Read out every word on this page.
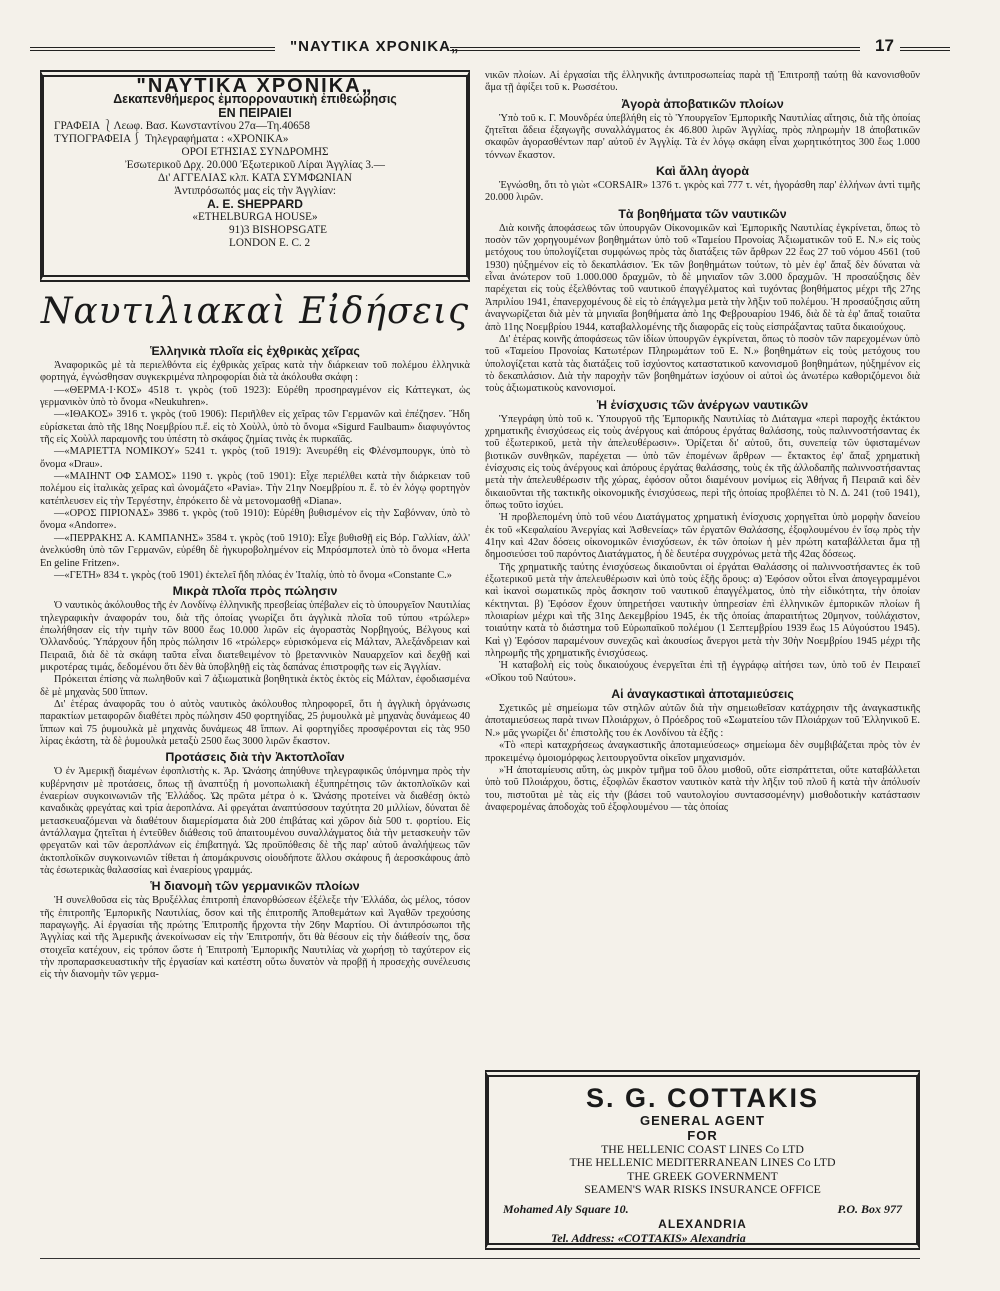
"ΝΑΥΤΙΚΑ ΧΡΟΝΙΚΑ„	17
"ΝΑΥΤΙΚΑ ΧΡΟΝΙΚΑ„
Δεκαπενθήμερος ἐμπορροναυτικὴ ἐπιθεώρησις
ΕΝ ΠΕΙΡΑΙΕΙ
ΓΡΑΦΕΙΑ ⎱Λεωφ. Βασ. Κωνσταντίνου 27α—Τη.40658
ΤΥΠΟΓΡΑΦΕΙΑ⎰ Τηλεγραφήματα : «ΧΡΟΝΙΚΑ»
ΟΡΟΙ ΕΤΗΣΙΑΣ ΣΥΝΔΡΟΜΗΣ
Ἐσωτερικοῦ Δρχ. 20.000 Ἐξωτερικοῦ Λίραι Ἀγγλίας 3.—
Δι' ΑΓΓΕΛΙΑΣ κλπ. ΚΑΤΑ ΣΥΜΦΩΝΙΑΝ
Ἀντιπρόσωπός μας εἰς τὴν Ἀγγλίαν:
A. E. SHEPPARD
«ETHELBURGA HOUSE»
91)3 BISHOPSGATE
LONDON E. C. 2
Ναυτιλιακαὶ Εἰδήσεις
Ἑλληνικὰ πλοῖα εἰς ἐχθρικὰς χεῖρας

Ἀναφορικῶς μὲ τὰ περιελθόντα εἰς ἐχθρικὰς χεῖρας κατὰ τὴν διάρκειαν τοῦ πολέμου ἑλληνικὰ φορτηγά, ἐγνώσθησαν συγκεκριμένα πληροφορίαι διὰ τὰ ἀκόλουθα σκάφη :

—«ΘΕΡΜΑ·Ι·ΚΟΣ» 4518 τ. γκρὸς (τοῦ 1923): Εὑρέθη προσηραγμένον εἰς Κάττεγκατ, ὡς γερμανικὸν ὑπὸ τὸ ὄνομα «Neukuhren».

—«ΙΘΑΚΟΣ» 3916 τ. γκρὸς (τοῦ 1906): Περιῆλθεν εἰς χεῖρας τῶν Γερμανῶν καὶ ἐπέζησεν. Ἤδη εὑρίσκεται ἀπὸ τῆς 18ης Νοεμβρίου π.ἔ. εἰς τὸ Χοὺλλ, ὑπὸ τὸ ὄνομα «Sigurd Faulbaum» διαφυγόντος τῆς εἰς Χοὺλλ παραμονῆς του ὑπέστη τὸ σκάφος ζημίας τινὰς ἐκ πυρκαϊᾶς.

—«ΜΑΡΙΕΤΤΑ ΝΟΜΙΚΟΥ» 5241 τ. γκρὸς (τοῦ 1919): Ἀνευρέθη εἰς Φλένσμπουργκ, ὑπὸ τὸ ὄνομα «Drau».

—«ΜΑΙΗΝΤ ΟΦ ΣΑΜΟΣ» 1190 τ. γκρὸς (τοῦ 1901): Εἶχε περιέλθει κατὰ τὴν διάρκειαν τοῦ πολέμου εἰς ἰταλικὰς χεῖρας καὶ ὠνομάζετο «Pavia». Τὴν 21ην Νοεμβρίου π. ἔ. τὸ ἐν λόγῳ φορτηγὸν κατέπλευσεν εἰς τὴν Τεργέστην, ἐπρόκειτο δὲ νὰ μετονομασθῇ «Diana».

—«ΟΡΟΣ ΠΙΡΙΟΝΑΣ» 3986 τ. γκρὸς (τοῦ 1910): Εὑρέθη βυθισμένον εἰς τὴν Σαβόνναν, ὑπὸ τὸ ὄνομα «Andorre».

—«ΠΕΡΡΑΚΗΣ Α. ΚΑΜΠΑΝΗΣ» 3584 τ. γκρὸς (τοῦ 1910): Εἶχε βυθισθῇ εἰς Βόρ. Γαλλίαν, ἀλλ' ἀνελκύσθη ὑπὸ τῶν Γερμανῶν, εὑρέθη δὲ ἠγκυροβολημένον εἰς Μπρόσμποτελ ὑπὸ τὸ ὄνομα «Herta En geline Fritzen».

—«ΓΕΤΗ» 834 τ. γκρὸς (τοῦ 1901) ἐκτελεῖ ἤδη πλόας ἐν Ἰταλίᾳ, ὑπὸ τὸ ὄνομα «Constante C.»

Μικρὰ πλοῖα πρὸς πώλησιν

Ὁ ναυτικὸς ἀκόλουθος τῆς ἐν Λονδίνῳ ἑλληνικῆς πρεσβείας ὑπέβαλεν εἰς τὸ ὑπουργεῖον Ναυτιλίας τηλεγραφικὴν ἀναφοράν του, διὰ τῆς ὁποίας γνωρίζει ὅτι ἀγγλικὰ πλοῖα τοῦ τύπου «τρώλερ» ἐπωλήθησαν εἰς τὴν τιμὴν τῶν 8000 ἕως 10.000 λιρῶν εἰς ἀγοραστὰς Νορβηγούς, Βέλγους καὶ Ὁλλανδούς. Ὑπάρχουν ἤδη πρὸς πώλησιν 16 «τρώλερς» εὑρισκόμενα εἰς Μάλταν, Ἀλεξάνδρειαν καὶ Πειραιᾶ, διὰ δὲ τὰ σκάφη ταῦτα εἶναι διατεθειμένον τὸ βρεταννικὸν Ναυαρχεῖον καὶ δεχθῇ καὶ μικροτέρας τιμάς, δεδομένου ὅτι δὲν θὰ ὑποβληθῇ εἰς τὰς δαπάνας ἐπιστροφῆς των εἰς Ἀγγλίαν.

Πρόκειται ἐπίσης νὰ πωληθοῦν καὶ 7 ἀξιωματικὰ βοηθητικὰ ἐκτὸς ἐκτὸς εἰς Μάλταν, ἐφοδιασμένα δὲ μὲ μηχανὰς 500 ἵππων.

Δι' ἑτέρας ἀναφορᾶς του ὁ αὐτὸς ναυτικὸς ἀκόλουθος πληροφορεῖ, ὅτι ἡ ἀγγλικὴ ὀργάνωσις παρακτίων μεταφορῶν διαθέτει πρὸς πώλησιν 450 φορτηγίδας, 25 ῥυμουλκὰ μὲ μηχανὰς δυνάμεως 40 ἵππων καὶ 75 ῥυμουλκὰ μὲ μηχανὰς δυνάμεως 48 ἵππων. Αἱ φορτηγίδες προσφέρονται εἰς τὰς 950 λίρας ἑκάστη, τὰ δὲ ῥυμουλκὰ μεταξὺ 2500 ἕως 3000 λιρῶν ἕκαστον.

Προτάσεις διὰ τὴν Ἀκτοπλοΐαν

Ὁ ἐν Ἀμερικῇ διαμένων ἐφοπλιστὴς κ. Ἀρ. Ὠνάσης ἀπηύθυνε τηλεγραφικῶς ὑπόμνημα πρὸς τὴν κυβέρνησιν μὲ προτάσεις, ὅπως τῇ ἀναπτύξῃ ἡ μονοπωλιακὴ ἐξυπηρέτησις τῶν ἀκτοπλοϊκῶν καὶ ἐναερίων συγκοινωνιῶν τῆς Ἑλλάδος. Ὡς πρῶτα μέτρα ὁ κ. Ὠνάσης προτείνει νὰ διαθέσῃ ὀκτὼ καναδικὰς φρεγάτας καὶ τρία ἀεροπλάνα. Αἱ φρεγάται ἀναπτύσσουν ταχύτητα 20 μιλλίων, δύναται δὲ μετασκευαζόμεναι νὰ διαθέτουν διαμερίσματα διὰ 200 ἐπιβάτας καὶ χῶρον διὰ 500 τ. φορτίου. Εἰς ἀντάλλαγμα ζητεῖται ἡ ἐντεῦθεν διάθεσις τοῦ ἀπαιτουμένου συναλλάγματος διὰ τὴν μετασκευὴν τῶν φρεγατῶν καὶ τῶν ἀεροπλάνων εἰς ἐπιβατηγά. Ὡς προϋπόθεσις δὲ τῆς παρ' αὐτοῦ ἀναλήψεως τῶν ἀκτοπλοϊκῶν συγκοινωνιῶν τίθεται ἡ ἀπομάκρυνσις οἱουδήποτε ἄλλου σκάφους ἢ ἀεροσκάφους ἀπὸ τὰς ἐσωτερικὰς θαλασσίας καὶ ἐναερίους γραμμάς.

Ἡ διανομὴ τῶν γερμανικῶν πλοίων

Ἡ συνελθοῦσα εἰς τὰς Βρυξέλλας ἐπιτροπὴ ἐπανορθώσεων ἐξέλεξε τὴν Ἑλλάδα, ὡς μέλος, τόσον τῆς ἐπιτροπῆς Ἐμπορικῆς Ναυτιλίας, ὅσον καὶ τῆς ἐπιτροπῆς Ἀποθεμάτων καὶ Ἀγαθῶν τρεχούσης παραγωγῆς. Αἱ ἐργασίαι τῆς πρώτης Ἐπιτροπῆς ἤρχοντα τὴν 26ην Μαρτίου. Οἱ ἀντιπρόσωποι τῆς Ἀγγλίας καὶ τῆς Ἀμερικῆς ἀνεκοίνωσαν εἰς τὴν Ἐπιτροπήν, ὅτι θὰ θέσουν εἰς τὴν διάθεσίν της, ὅσα στοιχεῖα κατέχουν, εἰς τρόπον ὥστε ἡ Ἐπιτροπὴ Ἐμπορικῆς Ναυτιλίας νὰ χωρήσῃ τὸ ταχύτερον εἰς τὴν προπαρασκευαστικὴν τῆς ἐργασίαν καὶ κατέστη οὕτω δυνατὸν νὰ προβῇ ἡ προσεχὴς συνέλευσις εἰς τὴν διανομὴν τῶν γερμα-

νικῶν πλοίων. Αἱ ἐργασίαι τῆς ἑλληνικῆς ἀντιπροσωπείας παρὰ τῇ Ἐπιτροπῇ ταύτῃ θὰ κανονισθοῦν ἅμα τῇ ἀφίξει τοῦ κ. Ρωσσέτου.

Ἀγορὰ ἀποβατικῶν πλοίων

Ὑπὸ τοῦ κ. Γ. Μουνδρέα ὑπεβλήθη εἰς τὸ Ὑπουργεῖον Ἐμπορικῆς Ναυτιλίας αἴτησις, διὰ τῆς ὁποίας ζητεῖται ἄδεια ἐξαγωγῆς συναλλάγματος ἐκ 46.800 λιρῶν Ἀγγλίας, πρὸς πληρωμὴν 18 ἀποβατικῶν σκαφῶν ἀγορασθέντων παρ' αὐτοῦ ἐν Ἀγγλίᾳ. Τὰ ἐν λόγῳ σκάφη εἶναι χωρητικότητος 300 ἕως 1.000 τόννων ἕκαστον.

Καὶ ἄλλη ἀγορὰ

Ἐγνώσθη, ὅτι τὸ γιὼτ «CORSAIR» 1376 τ. γκρὸς καὶ 777 τ. νέτ, ἠγοράσθη παρ' ἑλλήνων ἀντὶ τιμῆς 20.000 λιρῶν.

Τὰ βοηθήματα τῶν ναυτικῶν

Διὰ κοινῆς ἀποφάσεως τῶν ὑπουργῶν Οἰκονομικῶν καὶ Ἐμπορικῆς Ναυτιλίας ἐγκρίνεται, ὅπως τὸ ποσὸν τῶν χορηγουμένων βοηθημάτων ὑπὸ τοῦ «Ταμείου Προνοίας Ἀξιωματικῶν τοῦ Ε. Ν.» εἰς τοὺς μετόχους του ὑπολογίζεται συμφώνως πρὸς τὰς διατάξεις τῶν ἄρθρων 22 ἕως 27 τοῦ νόμου 4561 (τοῦ 1930) ηὐξημένον εἰς τὸ δεκαπλάσιον. Ἐκ τῶν βοηθημάτων τούτων, τὸ μὲν ἐφ' ἅπαξ δὲν δύναται νὰ εἶναι ἀνώτερον τοῦ 1.000.000 δραχμῶν, τὸ δὲ μηνιαῖον τῶν 3.000 δραχμῶν. Ἡ προσαύξησις δὲν παρέχεται εἰς τοὺς ἐξελθόντας τοῦ ναυτικοῦ ἐπαγγέλματος καὶ τυχόντας βοηθήματος μέχρι τῆς 27ης Ἀπριλίου 1941, ἐπανερχομένους δὲ εἰς τὸ ἐπάγγελμα μετὰ τὴν λῆξιν τοῦ πολέμου. Ἡ προσαύξησις αὕτη ἀναγνωρίζεται διὰ μὲν τὰ μηνιαῖα βοηθήματα ἀπὸ 1ης Φεβρουαρίου 1946, διὰ δὲ τὰ ἐφ' ἅπαξ τοιαῦτα ἀπὸ 11ης Νοεμβρίου 1944, καταβαλλομένης τῆς διαφορᾶς εἰς τοὺς εἰσπράξαντας ταῦτα δικαιούχους.

Δι' ἑτέρας κοινῆς ἀποφάσεως τῶν ἰδίων ὑπουργῶν ἐγκρίνεται, ὅπως τὸ ποσὸν τῶν παρεχομένων ὑπὸ τοῦ «Ταμείου Προνοίας Κατωτέρων Πληρωμάτων τοῦ Ε. Ν.» βοηθημάτων εἰς τοὺς μετόχους του ὑπολογίζεται κατὰ τὰς διατάξεις τοῦ ἰσχύοντος καταστατικοῦ κανονισμοῦ βοηθημάτων, ηὐξημένον εἰς τὸ δεκαπλάσιον. Διὰ τὴν παροχὴν τῶν βοηθημάτων ἰσχύουν οἱ αὐτοὶ ὡς ἀνωτέρω καθοριζόμενοι διὰ τοὺς ἀξιωματικοὺς κανονισμοί.

Ἡ ἐνίσχυσις τῶν ἀνέργων ναυτικῶν

Ὑπεγράφη ὑπὸ τοῦ κ. Ὑπουργοῦ τῆς Ἐμπορικῆς Ναυτιλίας τὸ Διάταγμα «περὶ παροχῆς ἐκτάκτου χρηματικῆς ἐνισχύσεως εἰς τοὺς ἀνέργους καὶ ἀπόρους ἐργάτας θαλάσσης, τοὺς παλιννοστήσαντας ἐκ τοῦ ἐξωτερικοῦ, μετὰ τὴν ἀπελευθέρωσιν». Ὁρίζεται δι' αὐτοῦ, ὅτι, συνεπείᾳ τῶν ὑφισταμένων βιοτικῶν συνθηκῶν, παρέχεται — ὑπὸ τῶν ἑπομένων ἄρθρων — ἔκτακτος ἐφ' ἅπαξ χρηματικὴ ἐνίσχυσις εἰς τοὺς ἀνέργους καὶ ἀπόρους ἐργάτας θαλάσσης, τοὺς ἐκ τῆς ἀλλοδαπῆς παλιννοστήσαντας μετὰ τὴν ἀπελευθέρωσιν τῆς χώρας, ἐφόσον οὗτοι διαμένουν μονίμως εἰς Ἀθήνας ἢ Πειραιᾶ καὶ δὲν δικαιοῦνται τῆς τακτικῆς οἰκονομικῆς ἐνισχύσεως, περὶ τῆς ὁποίας προβλέπει τὸ Ν. Δ. 241 (τοῦ 1941), ὅπως τοῦτο ἰσχύει.

Ἡ προβλεπομένη ὑπὸ τοῦ νέου Διατάγματος χρηματικὴ ἐνίσχυσις χορηγεῖται ὑπὸ μορφὴν δανείου ἐκ τοῦ «Κεφαλαίου Ἀνεργίας καὶ Ἀσθενείας» τῶν ἐργατῶν Θαλάσσης, ἐξοφλουμένου ἐν ἴσῳ πρὸς τὴν 41ην καὶ 42αν δόσεις οἰκονομικῶν ἐνισχύσεων, ἐκ τῶν ὁποίων ἡ μὲν πρώτη καταβάλλεται ἅμα τῇ δημοσιεύσει τοῦ παρόντος Διατάγματος, ἡ δὲ δευτέρα συγχρόνως μετὰ τῆς 42ας δόσεως.

Τῆς χρηματικῆς ταύτης ἐνισχύσεως δικαιοῦνται οἱ ἐργάται Θαλάσσης οἱ παλιννοστήσαντες ἐκ τοῦ ἐξωτερικοῦ μετὰ τὴν ἀπελευθέρωσιν καὶ ὑπὸ τοὺς ἑξῆς ὅρους: α) Ἐφόσον οὗτοι εἶναι ἀπογεγραμμένοι καὶ ἱκανοὶ σωματικῶς πρὸς ἄσκησιν τοῦ ναυτικοῦ ἐπαγγέλματος, ὑπὸ τὴν εἰδικότητα, τὴν ὁποίαν κέκτηνται. β) Ἐφόσον ἔχουν ὑπηρετήσει ναυτικὴν ὑπηρεσίαν ἐπὶ ἑλληνικῶν ἐμπορικῶν πλοίων ἢ πλοιαρίων μέχρι καὶ τῆς 31ης Δεκεμβρίου 1945, ἐκ τῆς ὁποίας ἀπαραιτήτως 20μηνον, τοὐλάχιστον, τοιαύτην κατὰ τὸ διάστημα τοῦ Εὐρωπαϊκοῦ πολέμου (1 Σεπτεμβρίου 1939 ἕως 15 Αὐγούστου 1945). Καὶ γ) Ἐφόσον παραμένουν συνεχῶς καὶ ἀκουσίως ἄνεργοι μετὰ τὴν 30ὴν Νοεμβρίου 1945 μέχρι τῆς πληρωμῆς τῆς χρηματικῆς ἐνισχύσεως.

Ἡ καταβολὴ εἰς τοὺς δικαιούχους ἐνεργεῖται ἐπὶ τῇ ἐγγράφῳ αἰτήσει των, ὑπὸ τοῦ ἐν Πειραιεῖ «Οἴκου τοῦ Ναύτου».

Αἱ ἀναγκαστικαὶ ἀποταμιεύσεις

Σχετικῶς μὲ σημείωμα τῶν στηλῶν αὐτῶν διὰ τὴν σημειωθεῖσαν κατάχρησιν τῆς ἀναγκαστικῆς ἀποταμιεύσεως παρὰ τινων Πλοιάρχων, ὁ Πρόεδρος τοῦ «Σωματείου τῶν Πλοιάρχων τοῦ Ἑλληνικοῦ Ε. Ν.» μᾶς γνωρίζει δι' ἐπιστολῆς του ἐκ Λονδίνου τὰ ἑξῆς :

«Τὸ «περὶ καταχρήσεως ἀναγκαστικῆς ἀποταμιεύσεως» σημείωμα δὲν συμβιβάζεται πρὸς τὸν ἐν προκειμένῳ ὁμοιομόρφως λειτουργοῦντα οἰκεῖον μηχανισμόν.

»Ἡ ἀποταμίευσις αὕτη, ὡς μικρὸν τμῆμα τοῦ ὅλου μισθοῦ, οὔτε εἰσπράττεται, οὔτε καταβάλλεται ὑπὸ τοῦ Πλοιάρχου, ὅστις, ἐξοφλῶν ἕκαστον ναυτικὸν κατὰ τὴν λῆξιν τοῦ πλοῦ ἢ κατὰ τὴν ἀπόλυσίν του, πιστοῦται μὲ τὰς εἰς τὴν (βάσει τοῦ ναυτολογίου συντασσομένην) μισθοδοτικὴν κατάστασιν ἀναφερομένας ἀποδοχὰς τοῦ ἐξοφλουμένου — τὰς ὁποίας

S. G. COTTAKIS
GENERAL AGENT
FOR
THE HELLENIC COAST LINES Co LTD
THE HELLENIC MEDITERRANEAN LINES Co LTD
THE GREEK GOVERNMENT
SEAMEN'S WAR RISKS INSURANCE OFFICE
Mohamed Aly Square 10.	P.O. Box 977
ALEXANDRIA
Tel. Address: «COTTAKIS» Alexandria
